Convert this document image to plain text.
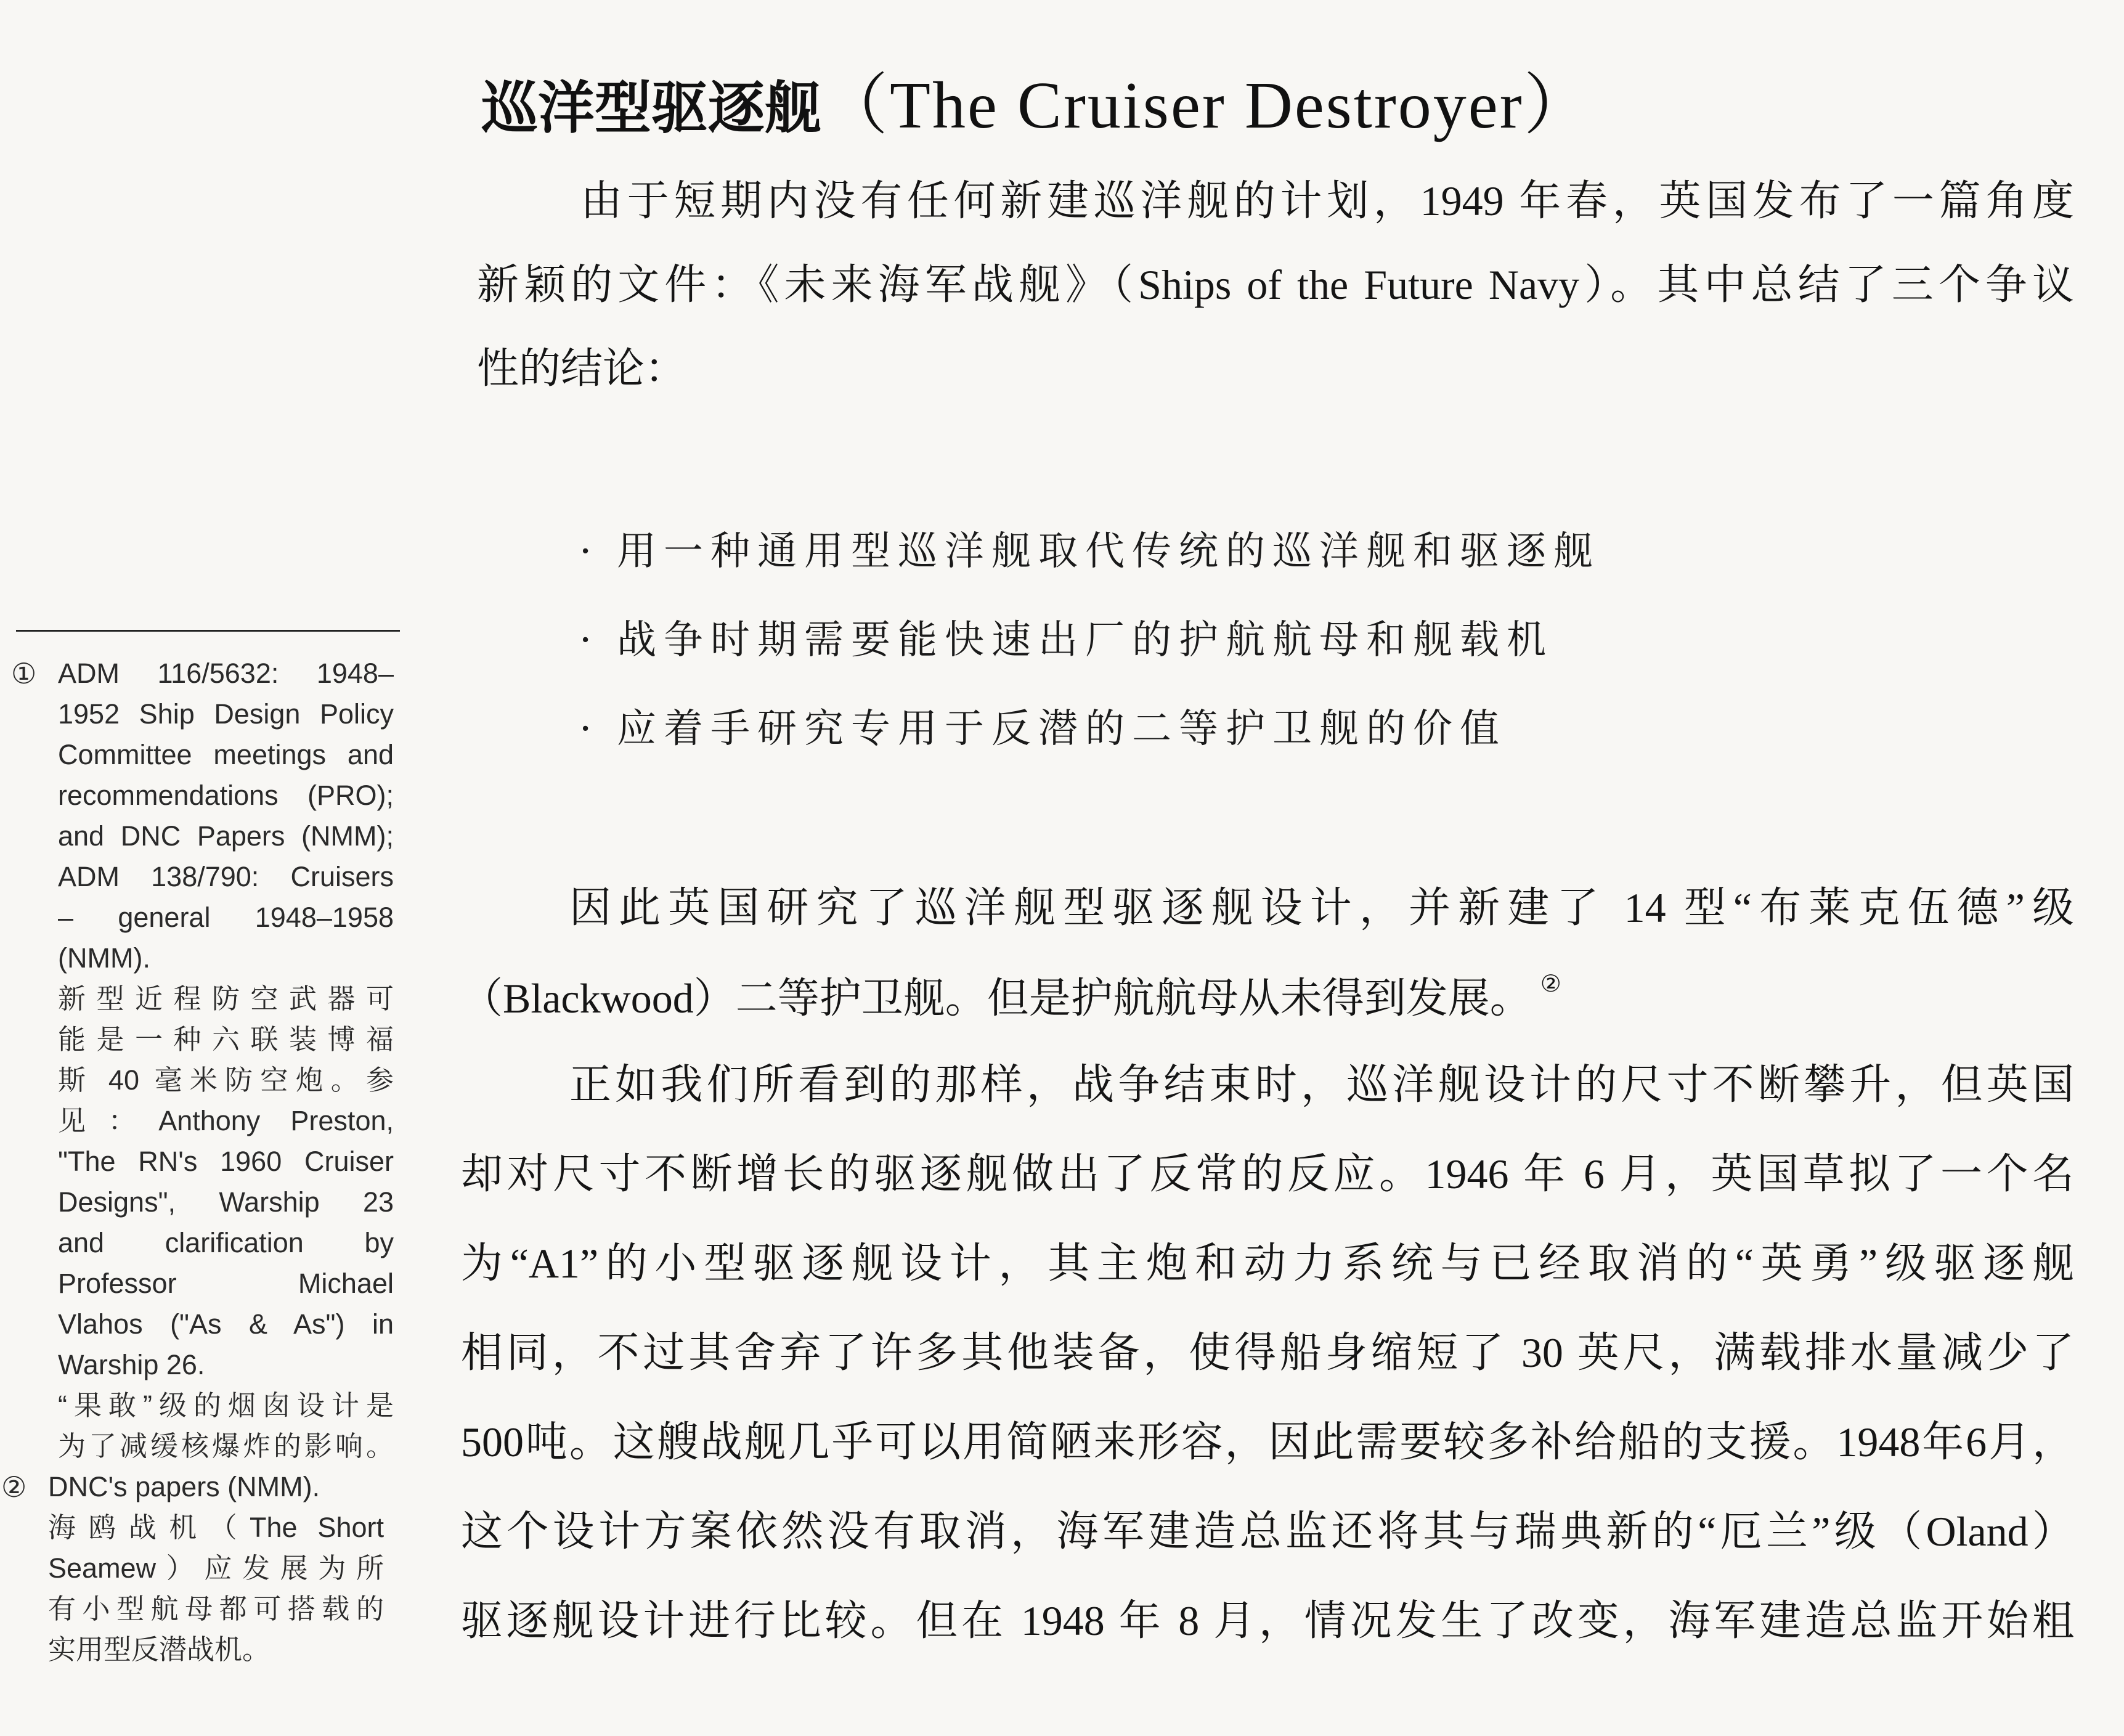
巡洋型驱逐舰（The Cruiser Destroyer）
由于短期内没有任何新建巡洋舰的计划，1949 年春，英国发布了一篇角度
新颖的文件：《未来海军战舰》（Ships of the Future Navy）。其中总结了三个争议
性的结论：
· 用一种通用型巡洋舰取代传统的巡洋舰和驱逐舰
· 战争时期需要能快速出厂的护航航母和舰载机
· 应着手研究专用于反潜的二等护卫舰的价值
因此英国研究了巡洋舰型驱逐舰设计，并新建了 14 型“布莱克伍德”级
（Blackwood）二等护卫舰。但是护航航母从未得到发展。 ②
正如我们所看到的那样，战争结束时，巡洋舰设计的尺寸不断攀升，但英国
却对尺寸不断增长的驱逐舰做出了反常的反应。1946 年 6 月，英国草拟了一个名
为“A1”的小型驱逐舰设计，其主炮和动力系统与已经取消的“英勇”级驱逐舰
相同，不过其舍弃了许多其他装备，使得船身缩短了 30 英尺，满载排水量减少了
500吨。这艘战舰几乎可以用简陋来形容，因此需要较多补给船的支援。1948年6月，
这个设计方案依然没有取消，海军建造总监还将其与瑞典新的“厄兰”级（Oland）
驱逐舰设计进行比较。但在 1948 年 8 月，情况发生了改变，海军建造总监开始粗
① ADM 116/5632: 1948–
1952 Ship Design Policy
Committee meetings and
recommendations (PRO);
and DNC Papers (NMM);
ADM 138/790: Cruisers
– general 1948–1958
(NMM).
新型近程防空武器可
能是一种六联装博福
斯 40 毫米防空炮。参
见：Anthony Preston,
"The RN's 1960 Cruiser
Designs", Warship 23
and clarification by
Professor Michael
Vlahos ("As & As") in
Warship 26.
“果敢”级的烟囱设计是
为了减缓核爆炸的影响。
② DNC's papers (NMM).
海鸥战机（The Short
Seamew）应发展为所
有小型航母都可搭载的
实用型反潜战机。
